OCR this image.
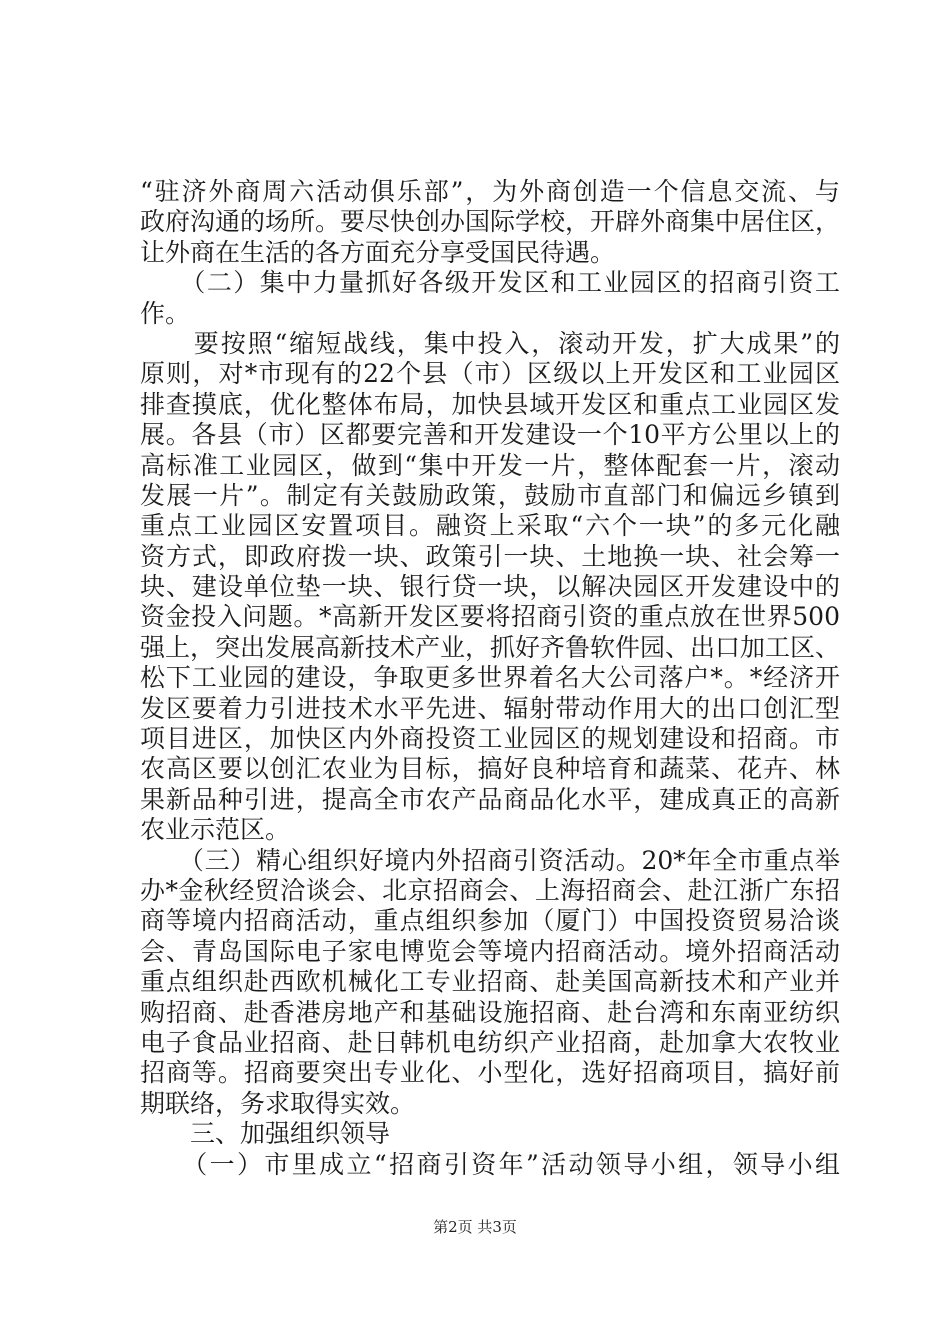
“驻济外商周六活动俱乐部”，为外商创造一个信息交流、与
政府沟通的场所。要尽快创办国际学校，开辟外商集中居住区，
让外商在生活的各方面充分享受国民待遇。
　　（二）集中力量抓好各级开发区和工业园区的招商引资工
作。
　　要按照“缩短战线，集中投入，滚动开发，扩大成果”的
原则，对*市现有的22个县（市）区级以上开发区和工业园区
排查摸底，优化整体布局，加快县域开发区和重点工业园区发
展。各县（市）区都要完善和开发建设一个10平方公里以上的
高标准工业园区，做到“集中开发一片，整体配套一片，滚动
发展一片”。制定有关鼓励政策，鼓励市直部门和偏远乡镇到
重点工业园区安置项目。融资上采取“六个一块”的多元化融
资方式，即政府拨一块、政策引一块、土地换一块、社会筹一
块、建设单位垫一块、银行贷一块，以解决园区开发建设中的
资金投入问题。*高新开发区要将招商引资的重点放在世界500
强上，突出发展高新技术产业，抓好齐鲁软件园、出口加工区、
松下工业园的建设，争取更多世界着名大公司落户*。*经济开
发区要着力引进技术水平先进、辐射带动作用大的出口创汇型
项目进区，加快区内外商投资工业园区的规划建设和招商。市
农高区要以创汇农业为目标，搞好良种培育和蔬菜、花卉、林
果新品种引进，提高全市农产品商品化水平，建成真正的高新
农业示范区。
　　（三）精心组织好境内外招商引资活动。20*年全市重点举
办*金秋经贸洽谈会、北京招商会、上海招商会、赴江浙广东招
商等境内招商活动，重点组织参加（厦门）中国投资贸易洽谈
会、青岛国际电子家电博览会等境内招商活动。境外招商活动
重点组织赴西欧机械化工专业招商、赴美国高新技术和产业并
购招商、赴香港房地产和基础设施招商、赴台湾和东南亚纺织
电子食品业招商、赴日韩机电纺织产业招商，赴加拿大农牧业
招商等。招商要突出专业化、小型化，选好招商项目，搞好前
期联络，务求取得实效。
　　三、加强组织领导
　　（一）市里成立“招商引资年”活动领导小组，领导小组
第2页 共3页
